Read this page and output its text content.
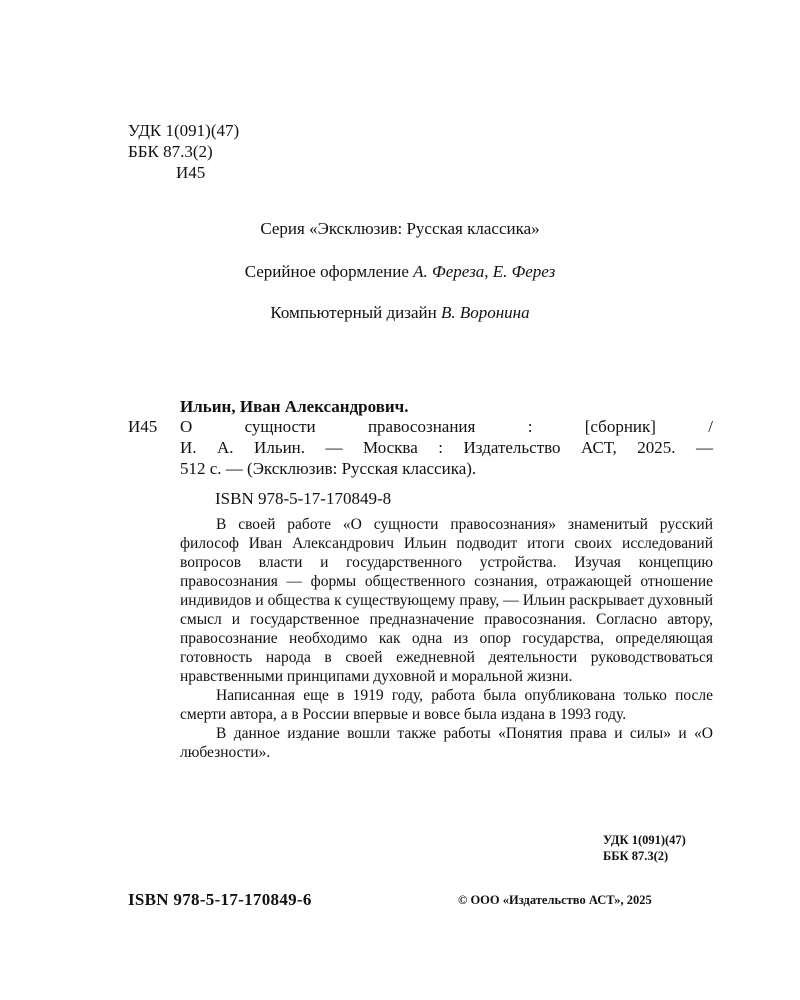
УДК 1(091)(47)
ББК 87.3(2)
И45
Серия «Эксклюзив: Русская классика»
Серийное оформление А. Фереза, Е. Ферез
Компьютерный дизайн В. Воронина
Ильин, Иван Александрович.
И45 О сущности правосознания : [сборник] /
И. А. Ильин. — Москва : Издательство АСТ, 2025. —
512 с. — (Эксклюзив: Русская классика).
ISBN 978-5-17-170849-8

В своей работе «О сущности правосознания» знаменитый русский философ Иван Александрович Ильин подводит итоги своих исследований вопросов власти и государственного устройства. Изучая концепцию правосознания — формы общественного сознания, отражающей отношение индивидов и общества к существующему праву, — Ильин раскрывает духовный смысл и государственное предназначение правосознания. Согласно автору, правосознание необходимо как одна из опор государства, определяющая готовность народа в своей ежедневной деятельности руководствоваться нравственными принципами духовной и моральной жизни.

Написанная еще в 1919 году, работа была опубликована только после смерти автора, а в России впервые и вовсе была издана в 1993 году.

В данное издание вошли также работы «Понятия права и силы» и «О любезности».

УДК 1(091)(47)
ББК 87.3(2)
ISBN 978-5-17-170849-6	© ООО «Издательство АСТ», 2025
